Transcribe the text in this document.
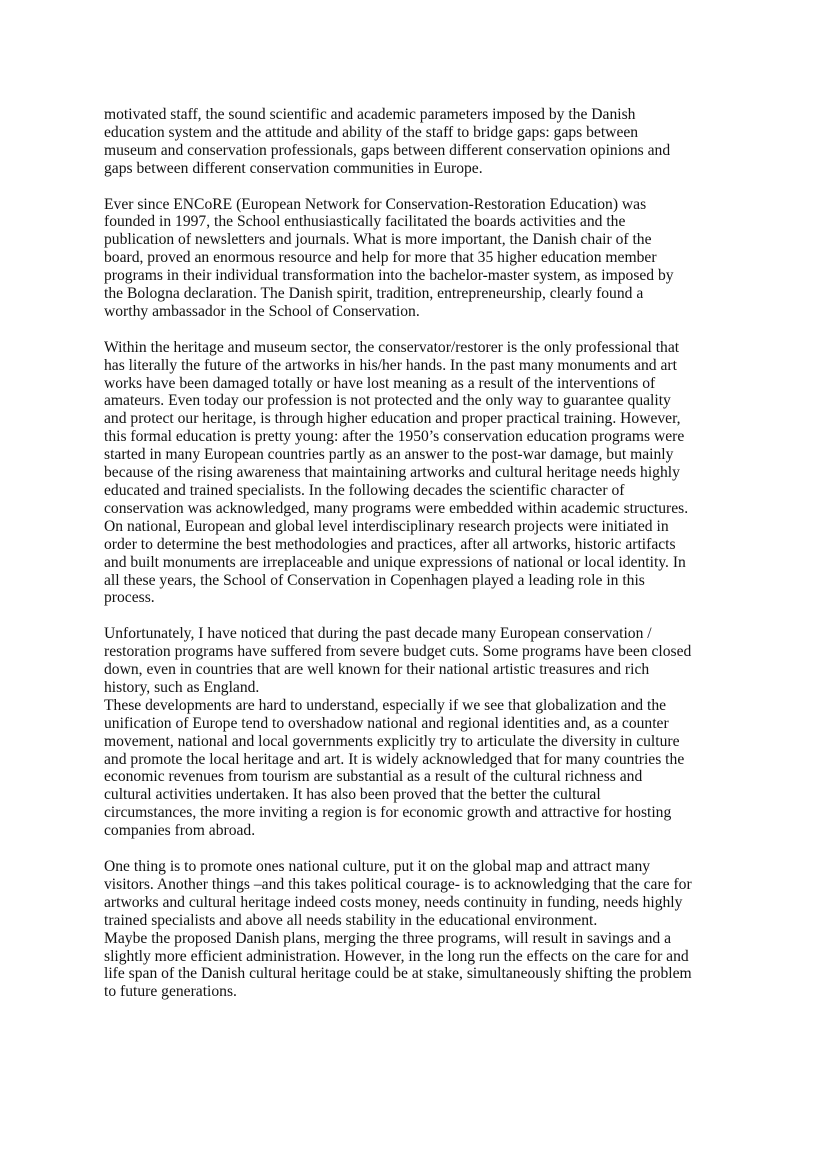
motivated staff, the sound scientific and academic parameters imposed by the Danish
education system and the attitude and ability of the staff to bridge gaps: gaps between
museum and conservation professionals, gaps between different conservation opinions and
gaps between different conservation communities in Europe.

Ever since ENCoRE (European Network for Conservation-Restoration Education) was
founded in 1997, the School enthusiastically facilitated the boards activities and the
publication of newsletters and journals. What is more important, the Danish chair of the
board, proved an enormous resource and help for more that 35 higher education member
programs in their individual transformation into the bachelor-master system, as imposed by
the Bologna declaration. The Danish spirit, tradition, entrepreneurship, clearly found a
worthy ambassador in the School of Conservation.

Within the heritage and museum sector, the conservator/restorer is the only professional that
has literally the future of the artworks in his/her hands. In the past many monuments and art
works have been damaged totally or have lost meaning as a result of the interventions of
amateurs. Even today our profession is not protected and the only way to guarantee quality
and protect our heritage, is through higher education and proper practical training. However,
this formal education is pretty young: after the 1950’s conservation education programs were
started in many European countries partly as an answer to the post-war damage, but mainly
because of the rising awareness that maintaining artworks and cultural heritage needs highly
educated and trained specialists. In the following decades the scientific character of
conservation was acknowledged, many programs were embedded within academic structures.
On national, European and global level interdisciplinary research projects were initiated in
order to determine the best methodologies and practices, after all artworks, historic artifacts
and built monuments are irreplaceable and unique expressions of national or local identity. In
all these years, the School of Conservation in Copenhagen played a leading role in this
process.

Unfortunately, I have noticed that during the past decade many European conservation /
restoration programs have suffered from severe budget cuts. Some programs have been closed
down, even in countries that are well known for their national artistic treasures and rich
history, such as England.
These developments are hard to understand, especially if we see that globalization and the
unification of Europe tend to overshadow national and regional identities and, as a counter
movement, national and local governments explicitly try to articulate the diversity in culture
and promote the local heritage and art. It is widely acknowledged that for many countries the
economic revenues from tourism are substantial as a result of the cultural richness and
cultural activities undertaken. It has also been proved that the better the cultural
circumstances, the more inviting a region is for economic growth and attractive for hosting
companies from abroad.

One thing is to promote ones national culture, put it on the global map and attract many
visitors. Another things –and this takes political courage- is to acknowledging that the care for
artworks and cultural heritage indeed costs money, needs continuity in funding, needs highly
trained specialists and above all needs stability in the educational environment.
Maybe the proposed Danish plans, merging the three programs, will result in savings and a
slightly more efficient administration. However, in the long run the effects on the care for and
life span of the Danish cultural heritage could be at stake, simultaneously shifting the problem
to future generations.
